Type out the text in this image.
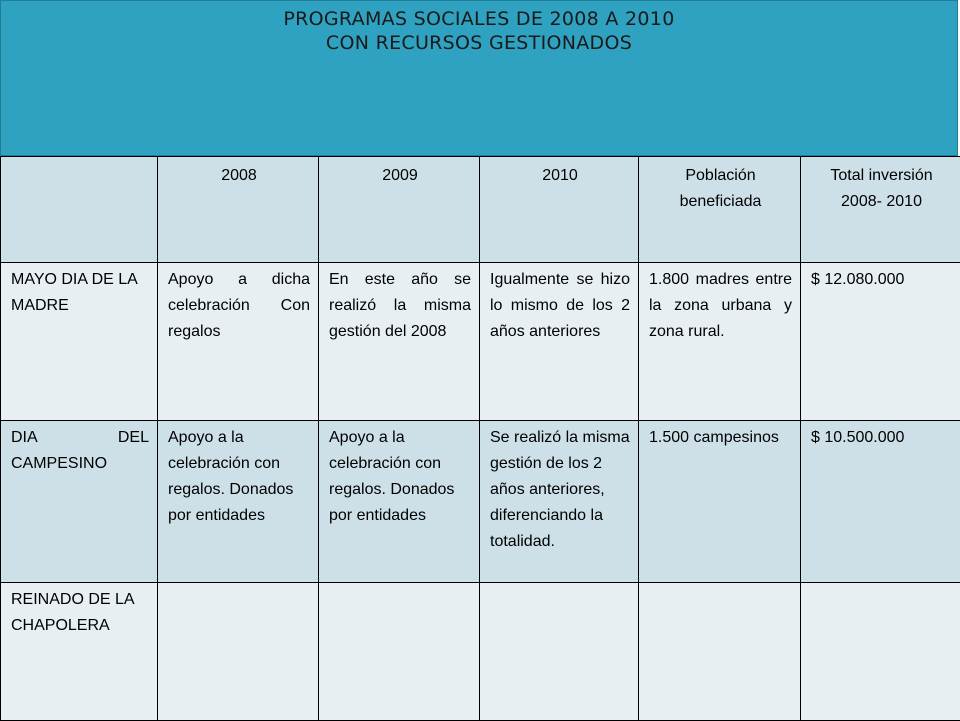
PROGRAMAS SOCIALES DE 2008 A 2010
CON RECURSOS GESTIONADOS
	2008	2009	2010	Población beneficiada	Total inversión 2008- 2010
MAYO DIA DE LA MADRE	Apoyo a dicha celebración Con regalos	En este año se realizó la misma gestión del 2008	Igualmente se hizo lo mismo de los 2 años anteriores	1.800 madres entre la zona urbana y zona rural.	$ 12.080.000
DIA DEL CAMPESINO	Apoyo a la celebración con regalos. Donados por entidades	Apoyo a la celebración con regalos. Donados por entidades	Se realizó la misma gestión de los 2 años anteriores, diferenciando la totalidad.	1.500 campesinos	$ 10.500.000
REINADO DE LA CHAPOLERA					
